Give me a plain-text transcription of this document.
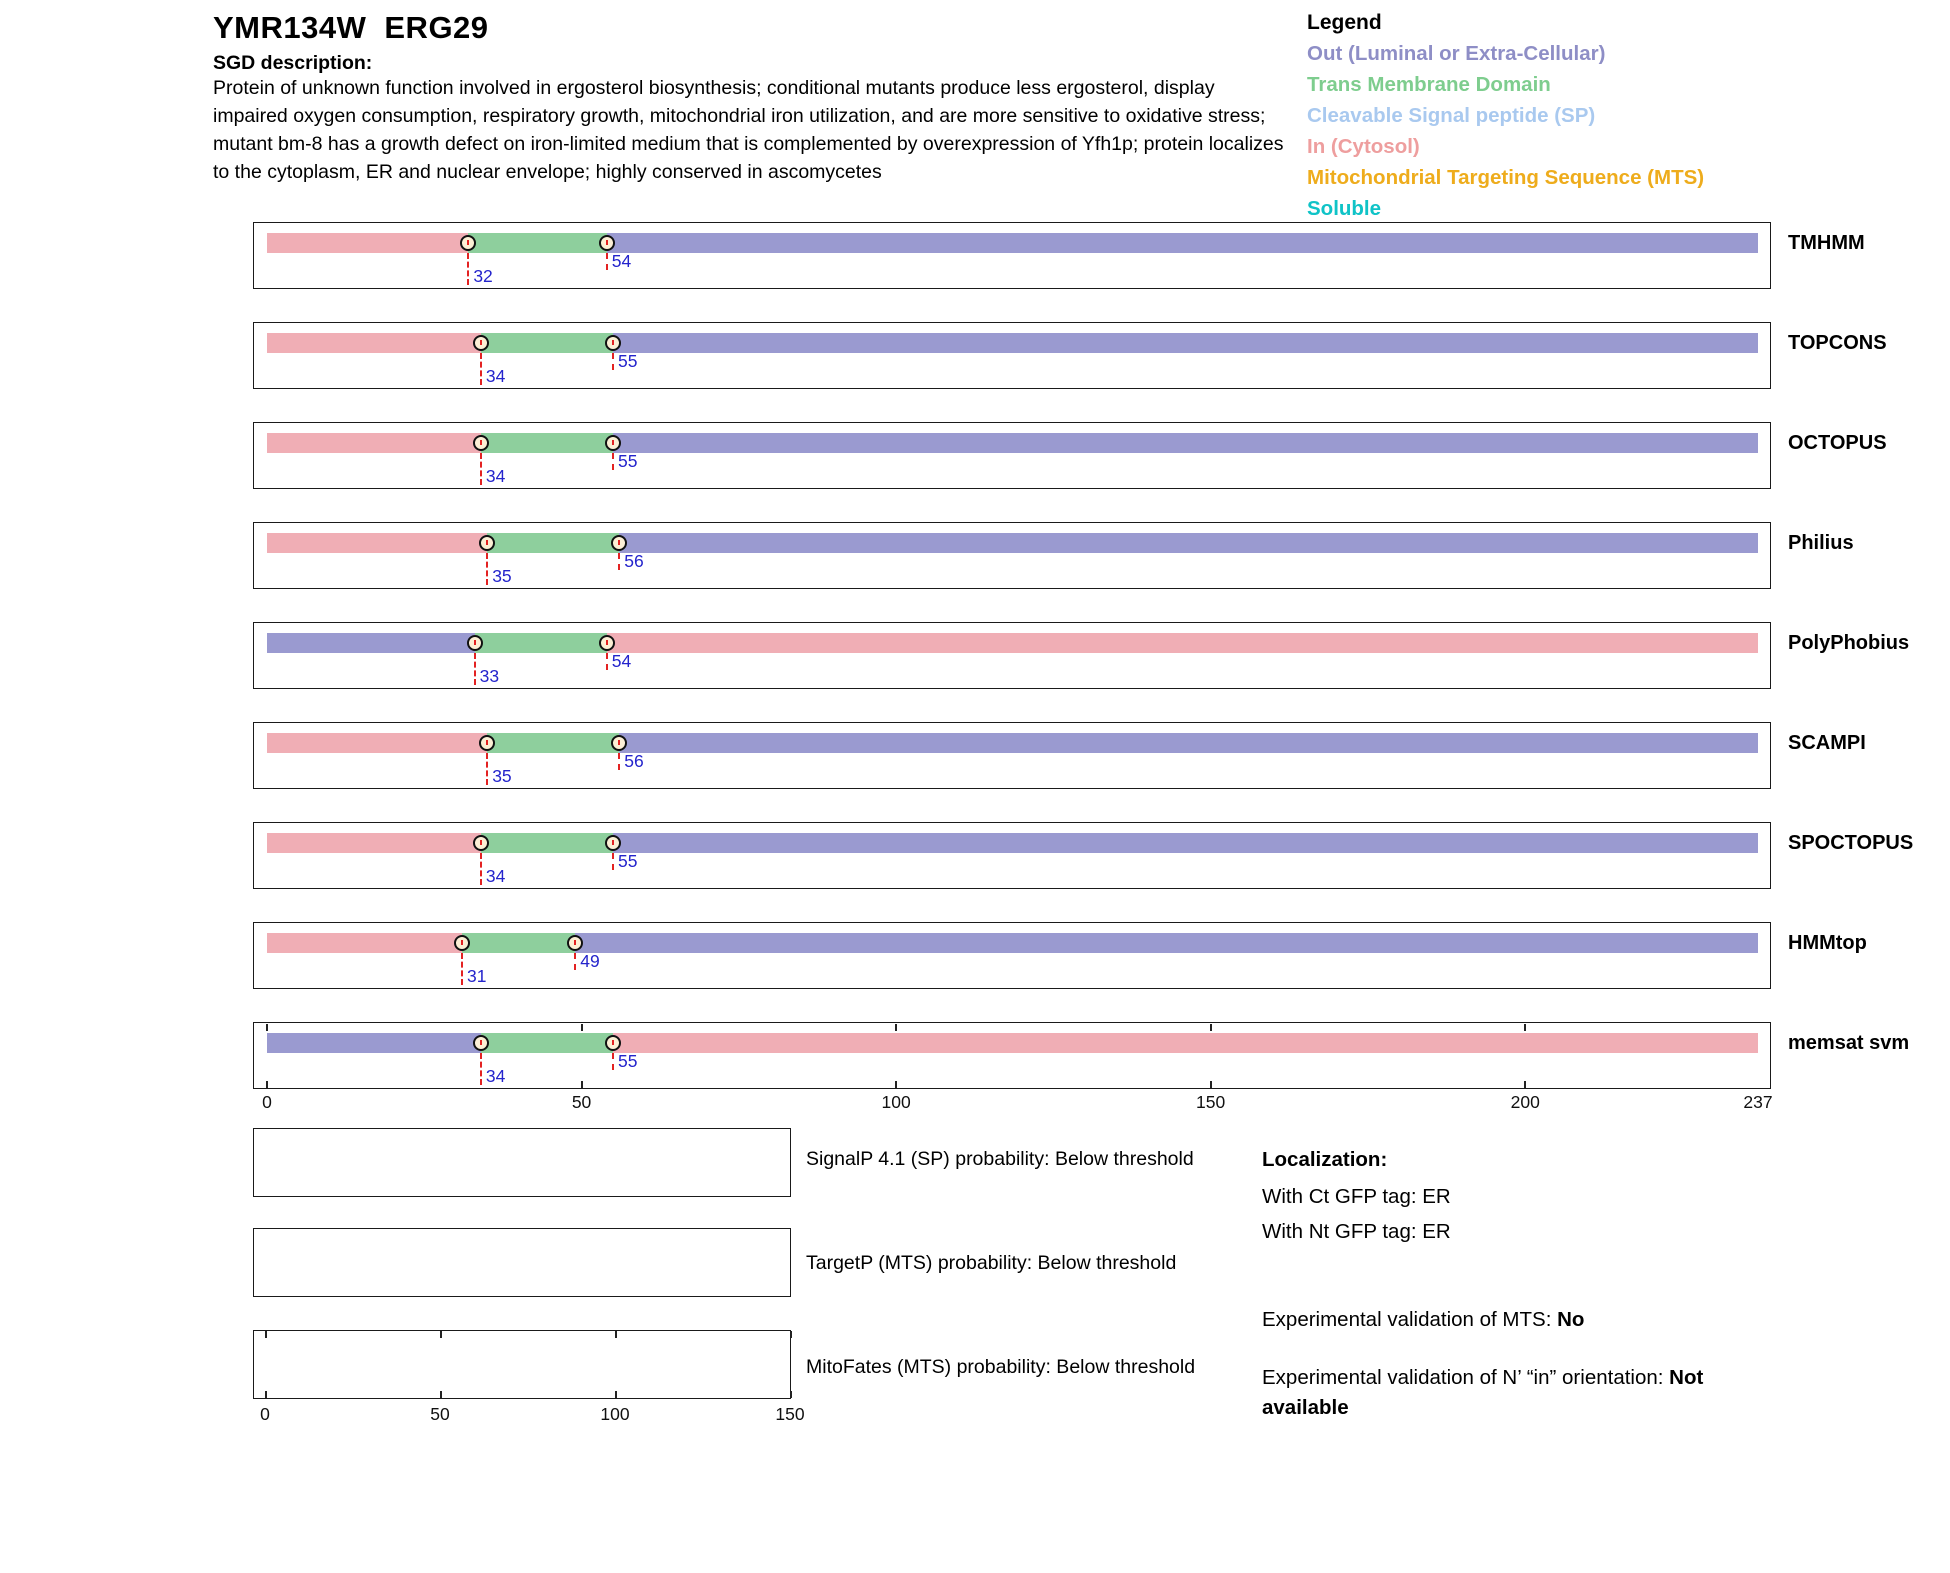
YMR134W ERG29
SGD description:
Protein of unknown function involved in ergosterol biosynthesis; conditional mutants produce less ergosterol, display impaired oxygen consumption, respiratory growth, mitochondrial iron utilization, and are more sensitive to oxidative stress; mutant bm-8 has a growth defect on iron-limited medium that is complemented by overexpression of Yfh1p; protein localizes to the cytoplasm, ER and nuclear envelope; highly conserved in ascomycetes
Legend
Out (Luminal or Extra-Cellular)
Trans Membrane Domain
Cleavable Signal peptide (SP)
In (Cytosol)
Mitochondrial Targeting Sequence (MTS)
Soluble
32
54
34
55
34
55
35
56
33
54
35
56
34
55
31
49
34
55
0	50	100	150	200	237
SignalP 4.1 (SP) probability: Below threshold
TargetP (MTS) probability: Below threshold
0	50	100	150
MitoFates (MTS) probability: Below threshold
Localization:
With Ct GFP tag: ER
With Nt GFP tag: ER
Experimental validation of MTS: No
Experimental validation of N’ “in” orientation: Not available
TMHMM
TOPCONS
OCTOPUS
Philius
PolyPhobius
SCAMPI
SPOCTOPUS
HMMtop
memsat svm
